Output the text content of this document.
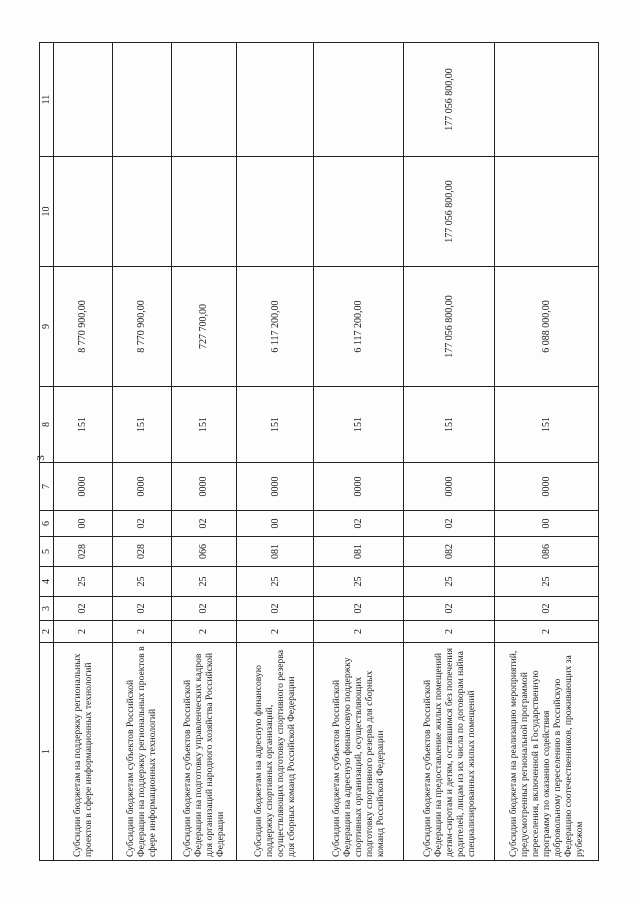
3
1	2	3	4	5	6	7	8	9	10	11
Субсидии бюджетам на поддержку региональных проектов в сфере информационных технологий	2	02	25	028	00	0000	151	8 770 900,00		
Субсидии бюджетам субъектов Российской Федерации на поддержку региональных проектов в сфере информационных технологий	2	02	25	028	02	0000	151	8 770 900,00		
Субсидии бюджетам субъектов Российской Федерации на подготовку управленческих кадров для организаций народного хозяйства Российской Федерации	2	02	25	066	02	0000	151	727 700,00		
Субсидии бюджетам на адресную финансовую поддержку спортивных организаций, осуществляющих подготовку спортивного резерва для сборных команд Российской Федерации	2	02	25	081	00	0000	151	6 117 200,00		
Субсидии бюджетам субъектов Российской Федерации на адресную финансовую поддержку спортивных организаций, осуществляющих подготовку спортивного резерва для сборных команд Российской Федерации	2	02	25	081	02	0000	151	6 117 200,00		
Субсидии бюджетам субъектов Российской Федерации на предоставление жилых помещений детям-сиротам и детям, оставшимся без попечения родителей, лицам из их числа по договорам найма специализированных жилых помещений	2	02	25	082	02	0000	151	177 056 800,00	177 056 800,00	177 056 800,00
Субсидии бюджетам на реализацию мероприятий, предусмотренных региональной программой переселения, включенной в Государственную программу по оказанию содействия добровольному переселению в Российскую Федерацию соотечественников, проживающих за рубежом	2	02	25	086	00	0000	151	6 088 000,00		
